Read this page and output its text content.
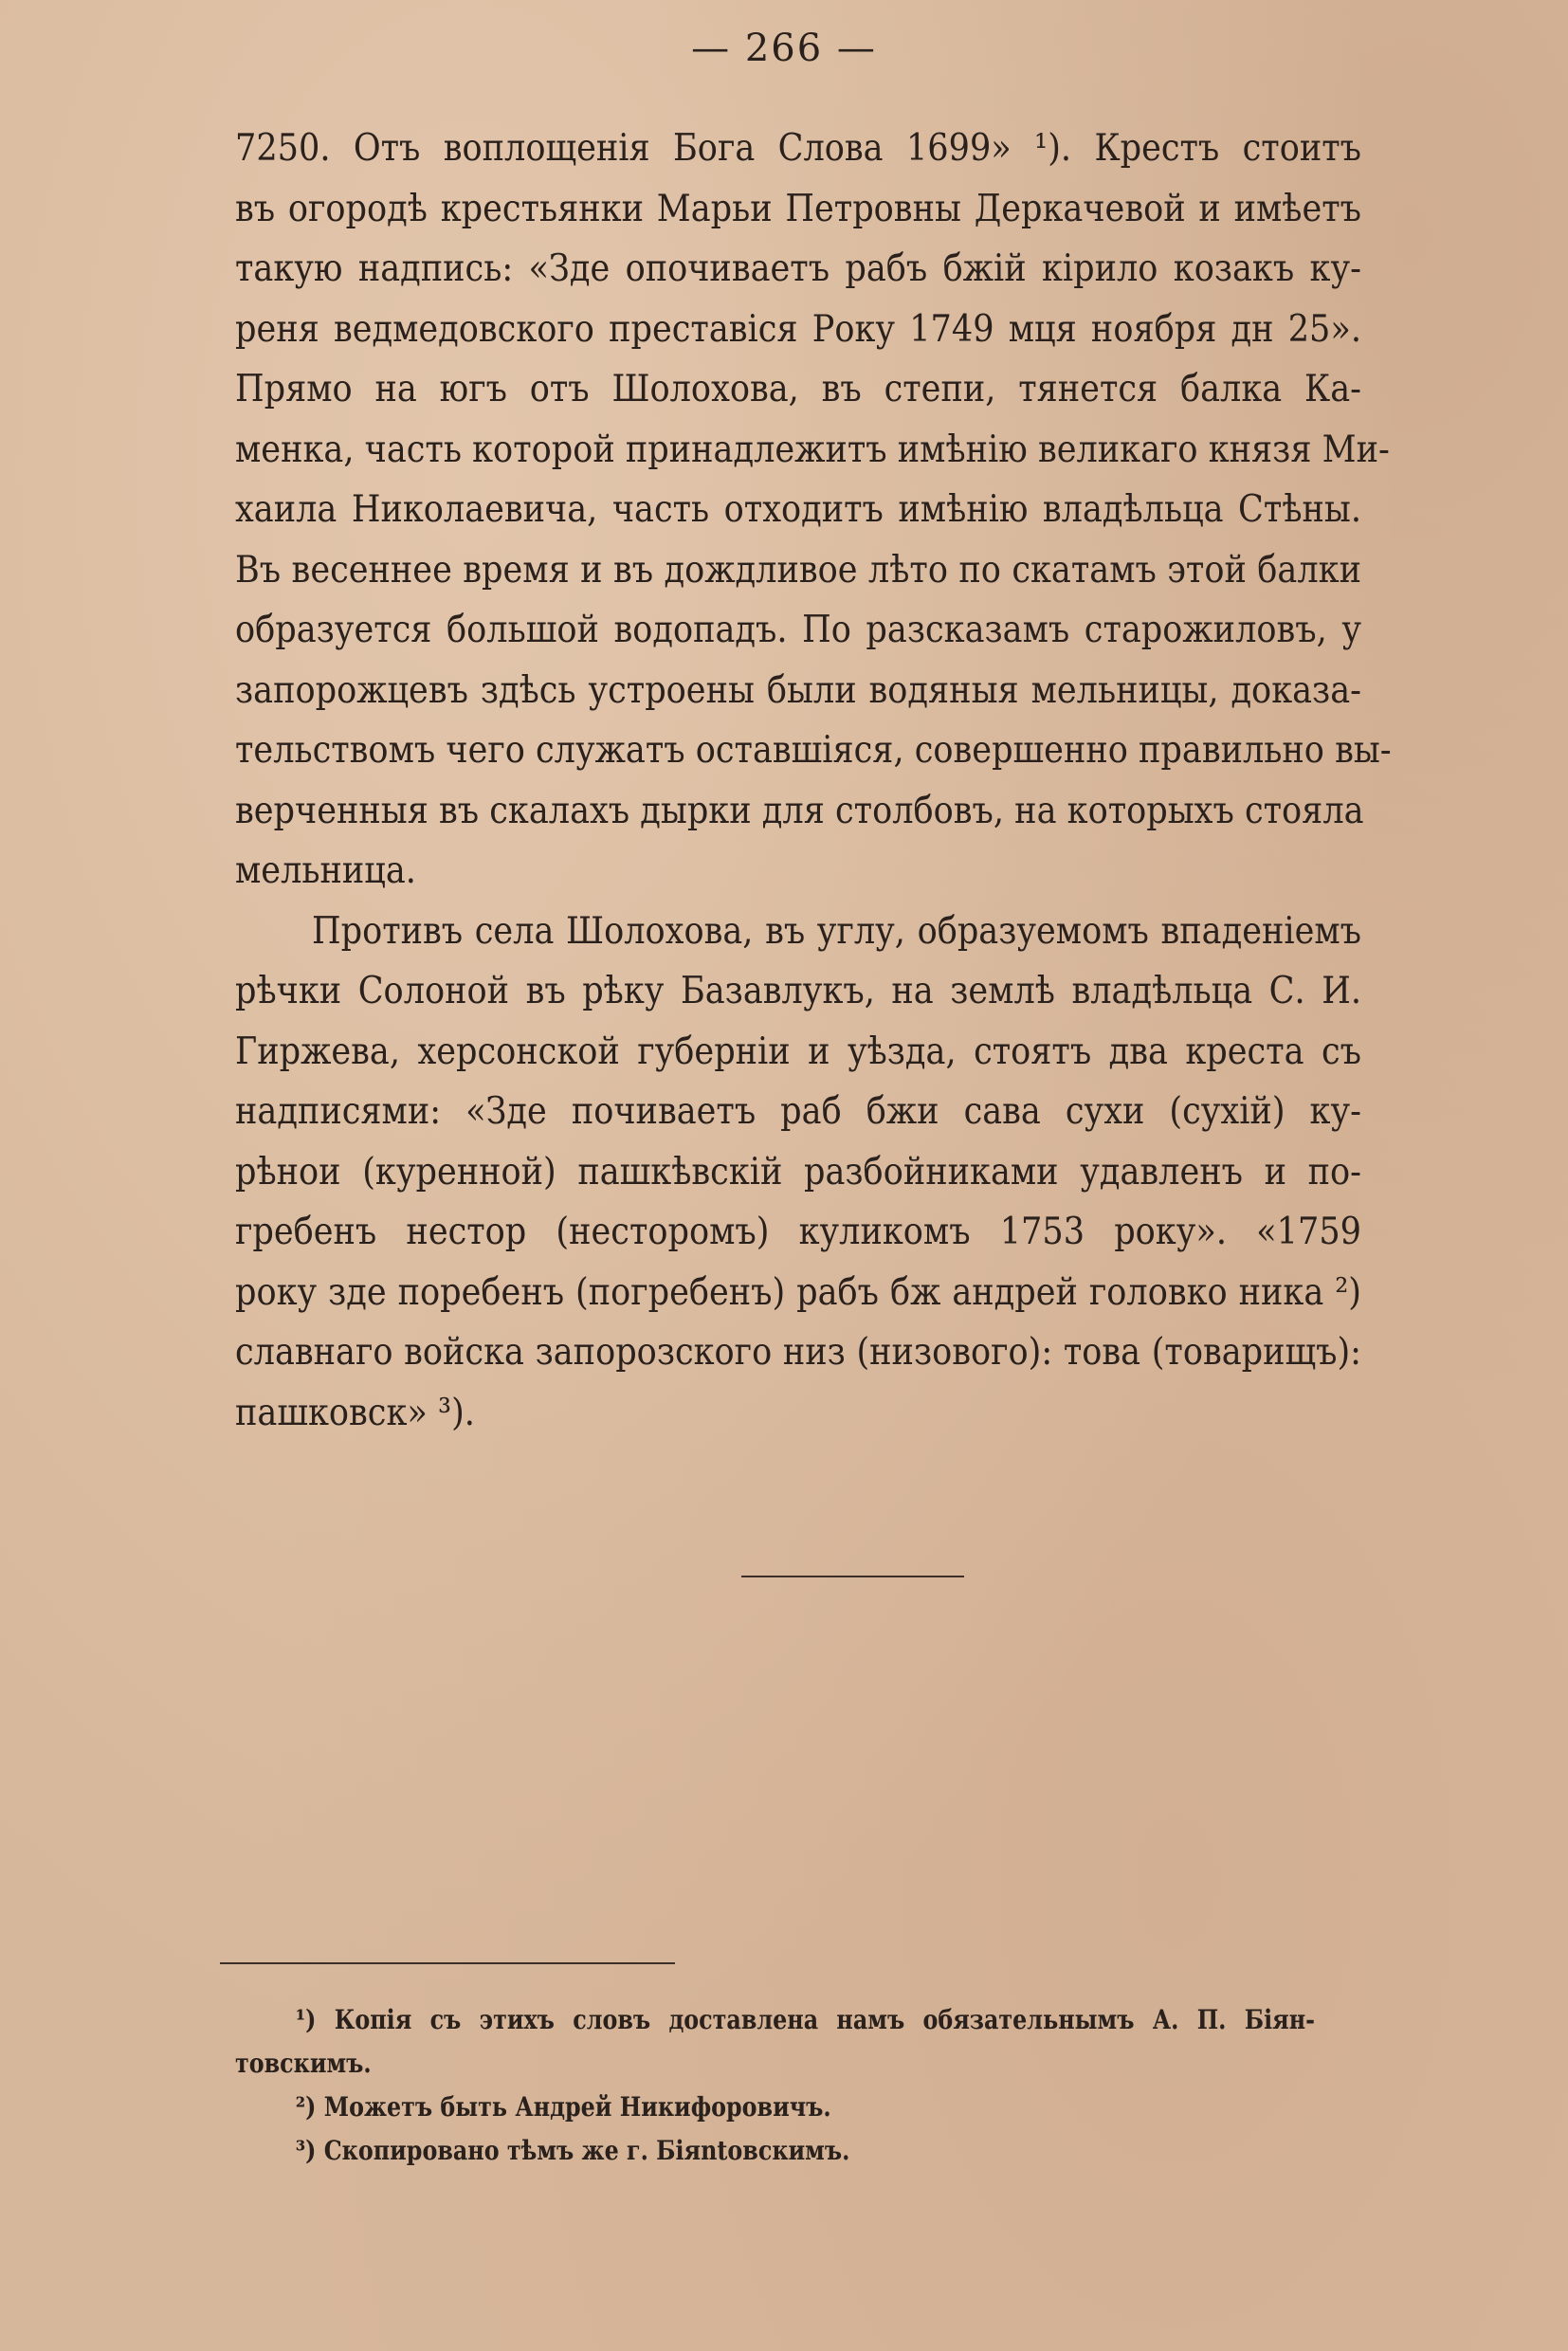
— 266 —
7250. Отъ воплощенія Бога Слова 1699» ¹). Крестъ стоитъ
въ огородѣ крестьянки Марьи Петровны Деркачевой и имѣетъ
такую надпись: «Зде опочиваетъ рабъ бжій кірило козакъ ку-
реня ведмедовского преставіся Року 1749 мця ноября дн 25».
Прямо на югъ отъ Шолохова, въ степи, тянется балка Ка-
менка, часть которой принадлежитъ имѣнію великаго князя Ми-
хаила Николаевича, часть отходитъ имѣнію владѣльца Стѣны.
Въ весеннее время и въ дождливое лѣто по скатамъ этой балки
образуется большой водопадъ. По разсказамъ старожиловъ, у
запорожцевъ здѣсь устроены были водяныя мельницы, доказа-
тельствомъ чего служатъ оставшіяся, совершенно правильно вы-
верченныя въ скалахъ дырки для столбовъ, на которыхъ стояла
мельница.
Противъ села Шолохова, въ углу, образуемомъ впаденіемъ
рѣчки Солоной въ рѣку Базавлукъ, на землѣ владѣльца С. И.
Гиржева, херсонской губерніи и уѣзда, стоятъ два креста съ
надписями: «Зде почиваетъ раб бжи сава сухи (сухій) ку-
рѣнои (куренной) пашкѣвскій разбойниками удавленъ и по-
гребенъ нестор (несторомъ) куликомъ 1753 року». «1759
року зде поребенъ (погребенъ) рабъ бж андрей головко ника ²)
славнаго войска запорозского низ (низового): това (товарищъ):
пашковск» ³).
¹) Копія съ этихъ словъ доставлена намъ обязательнымъ А. П. Біян-
товскимъ.
²) Можетъ быть Андрей Никифоровичъ.
³) Скопировано тѣмъ же г. Біяntовскимъ.
